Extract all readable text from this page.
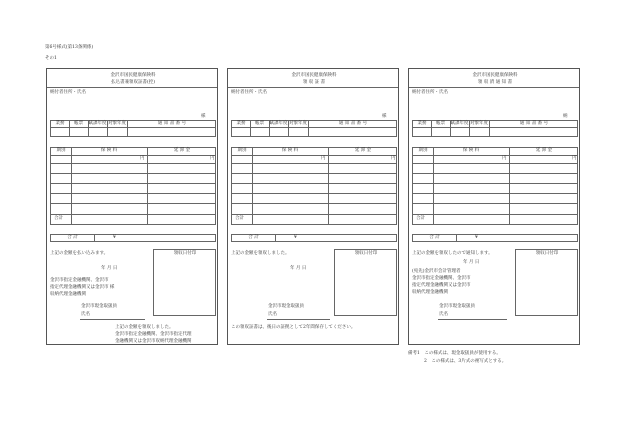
第6号様式(第13条関係)
その1
金沢市国民健康保険料
払込書兼領収証書(控)
納付者住所・氏名
様
業務	帳票	賦課年度 対象年度	通 知 書 番 号
期別	保 険 料	延 滞 金
円	円
合計
合 計	¥
上記の金額を払い込みます。	領収日付印
年 月 日
金沢市指定金融機関、金沢市
指定代理金融機関又は金沢市 様
収納代理金融機関
金沢市現金取扱員
氏名
上記の金額を領収しました。
金沢市指定金融機関、金沢市指定代理
金融機関又は金沢市収納代理金融機関
金沢市国民健康保険料
領 収 証 書
納付者住所・氏名
様
業務	帳票	賦課年度 対象年度	通 知 書 番 号
期別	保 険 料	延 滞 金
円	円
合計
合 計	¥
上記の金額を領収しました。	領収日付印
年 月 日
金沢市現金取扱員
氏名
この領収証書は、後日の証拠として2年間保存してください。
金沢市国民健康保険料
領 収 済 通 知 書
納付者住所・氏名
納
業務	帳票	賦課年度 対象年度	通 知 書 番 号
期別	保 険 料	延 滞 金
円	円
合計
合 計	¥
上記の金額を領収したので通知します。	領収日付印
年 月 日
(宛先)金沢市会計管理者
金沢市指定金融機関、金沢市
指定代理金融機関又は金沢市
収納代理金融機関
金沢市現金取扱員
氏名
備考1　この様式は、現金取扱員が使用する。
2　この様式は、3片式の複写式とする。
